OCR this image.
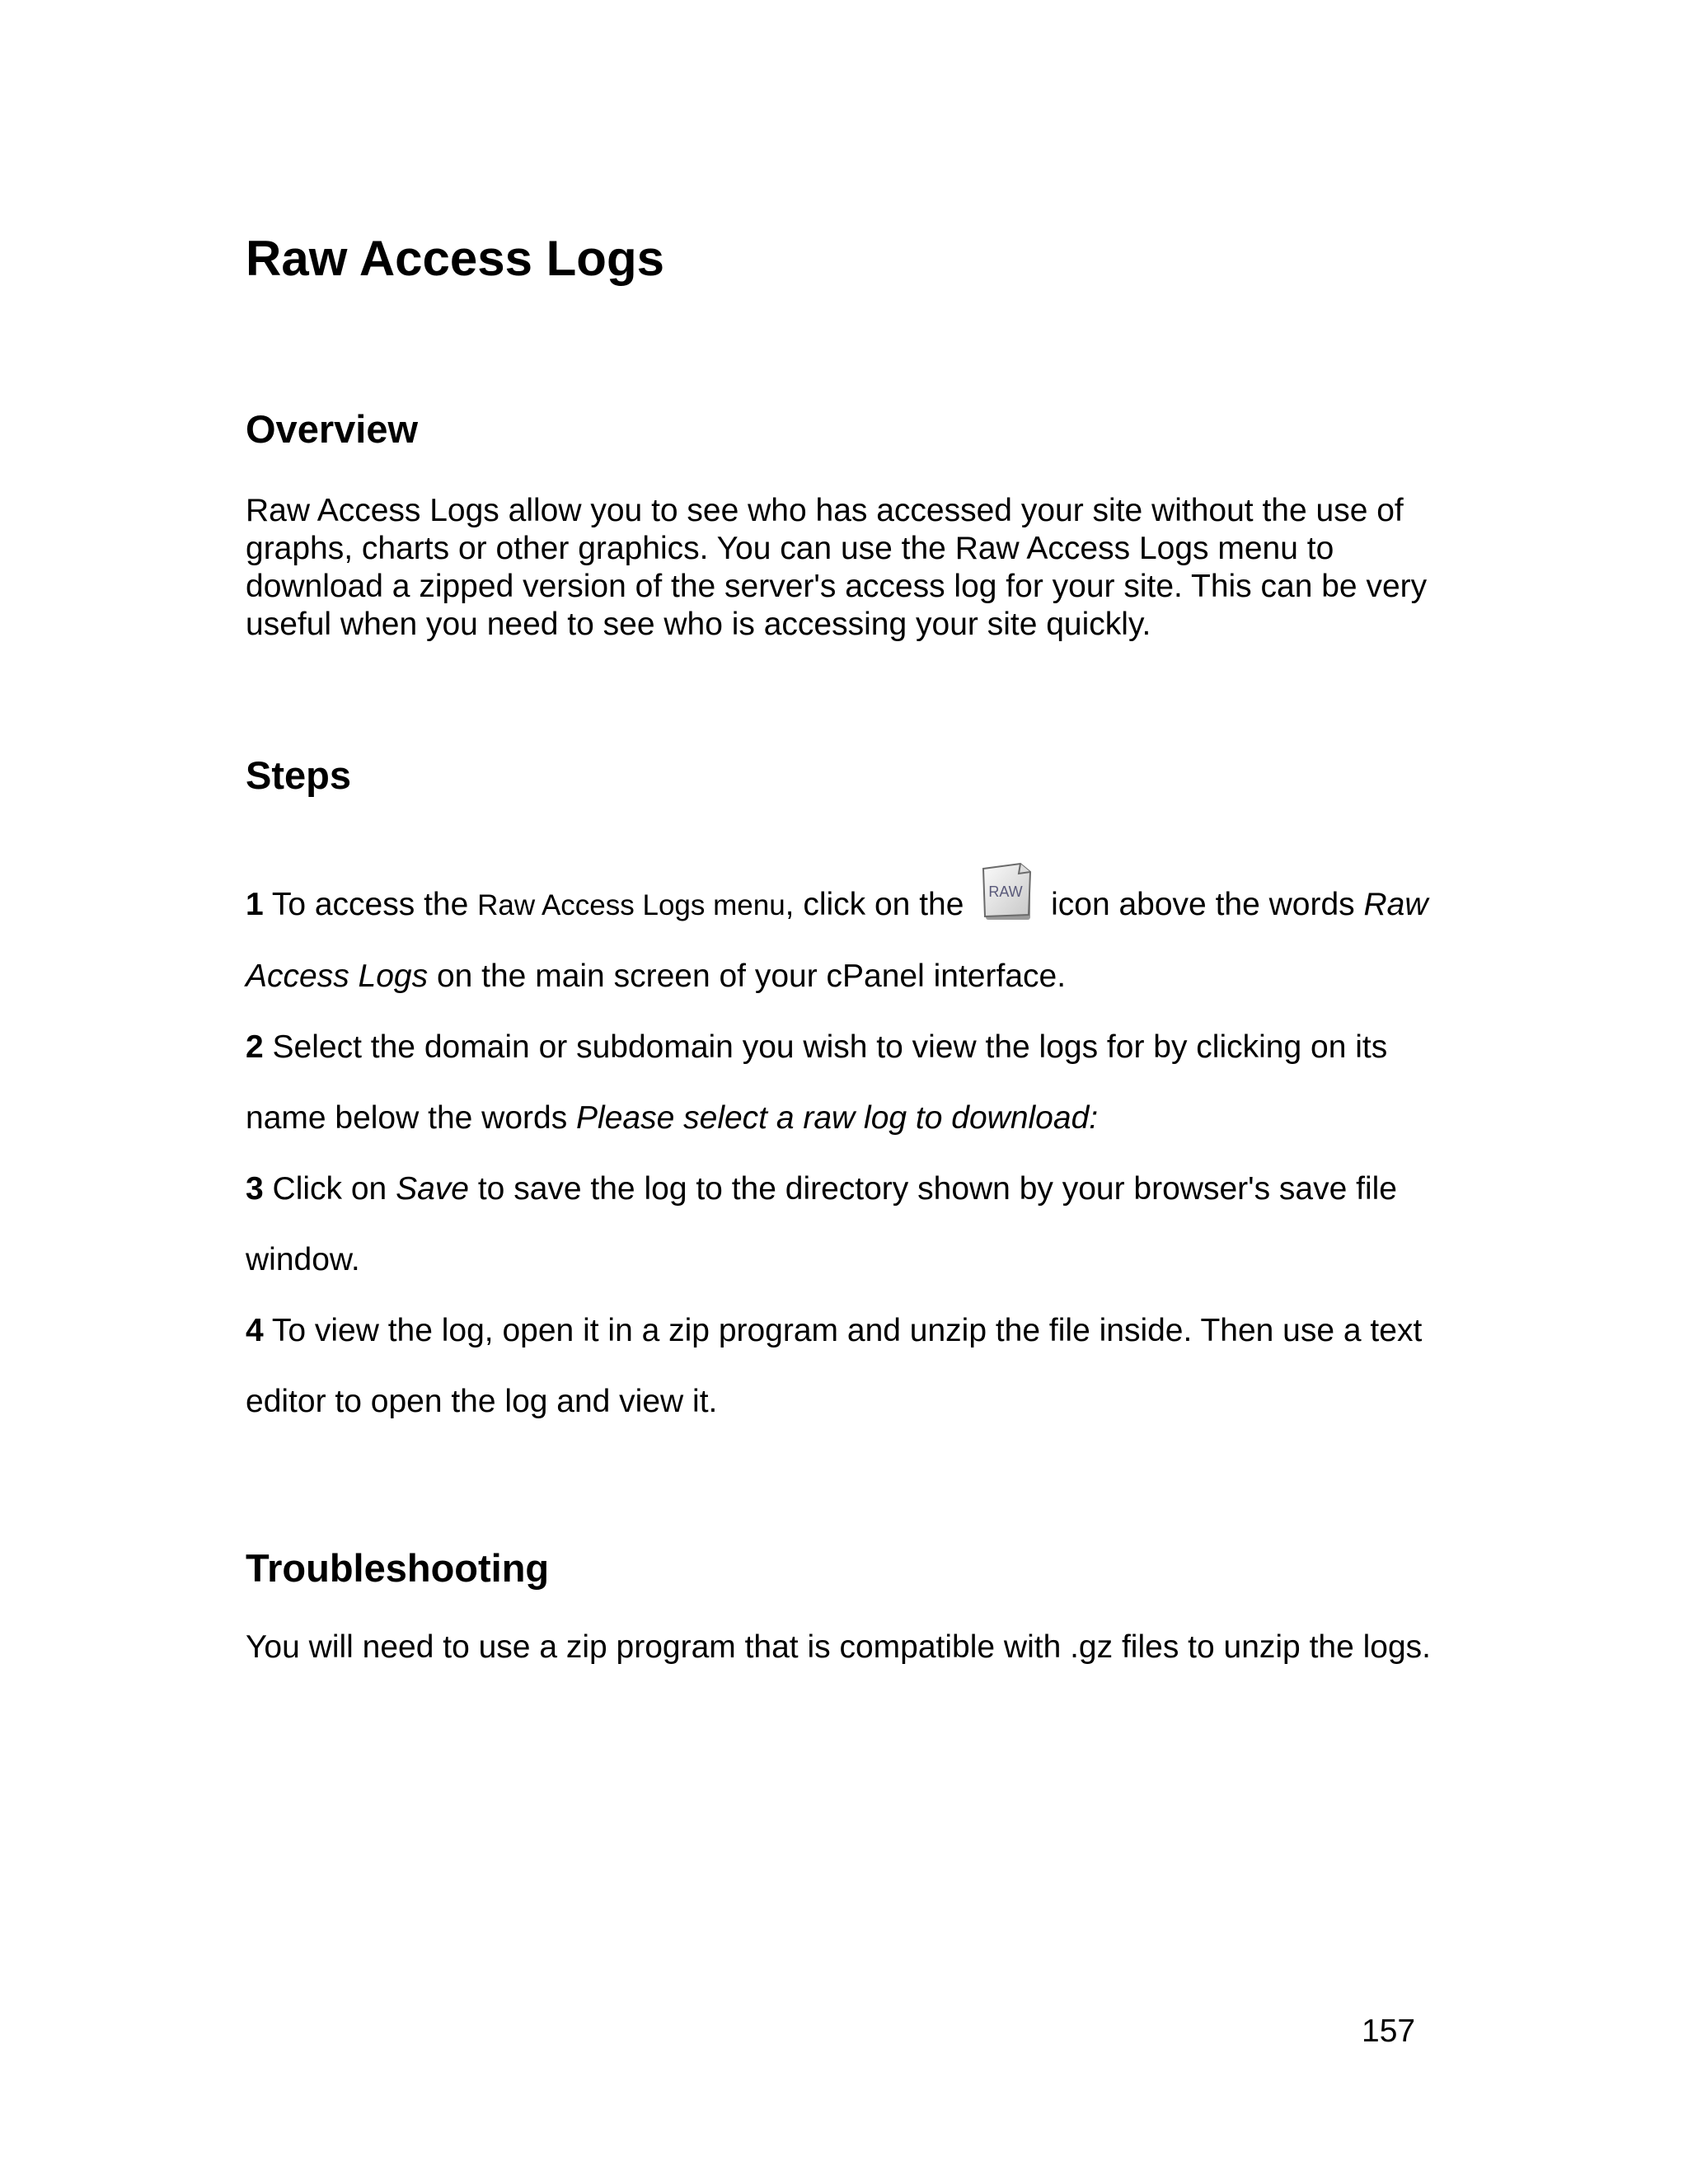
Raw Access Logs
Overview

Raw Access Logs allow you to see who has accessed your site without the use of graphs, charts or other graphics. You can use the Raw Access Logs menu to download a zipped version of the server's access log for your site. This can be very useful when you need to see who is accessing your site quickly.

Steps

1 To access the Raw Access Logs menu, click on the RAW icon above the words Raw Access Logs on the main screen of your cPanel interface.

2 Select the domain or subdomain you wish to view the logs for by clicking on its name below the words Please select a raw log to download:

3 Click on Save to save the log to the directory shown by your browser's save file window.

4 To view the log, open it in a zip program and unzip the file inside. Then use a text editor to open the log and view it.

Troubleshooting

You will need to use a zip program that is compatible with .gz files to unzip the logs.

157
